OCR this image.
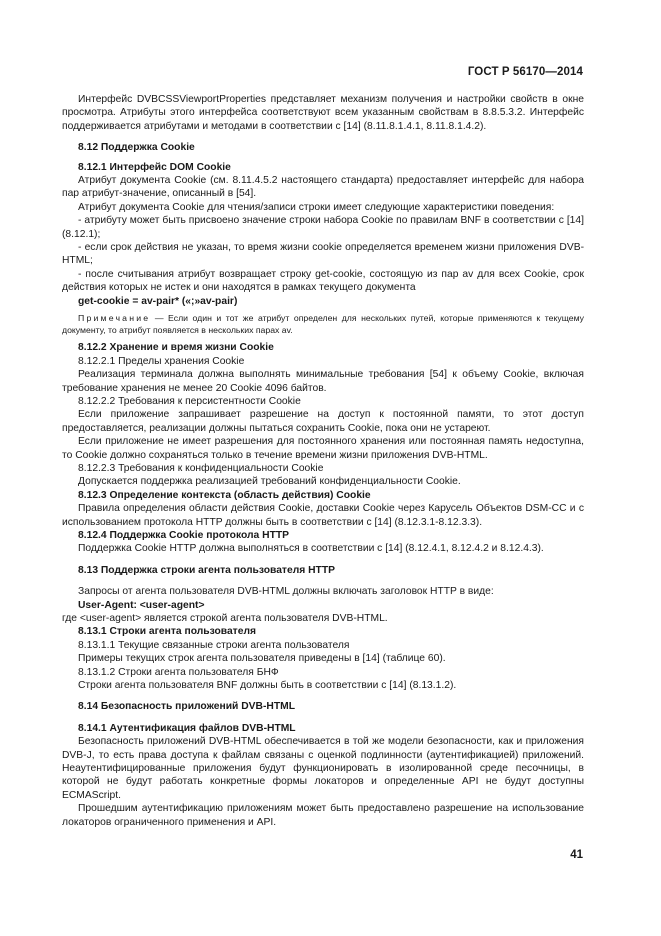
ГОСТ Р 56170—2014

Интерфейс DVBCSSViewportProperties представляет механизм получения и настройки свойств в окне просмотра. Атрибуты этого интерфейса соответствуют всем указанным свойствам в 8.8.5.3.2. Интерфейс поддерживается атрибутами и методами в соответствии с [14] (8.11.8.1.4.1, 8.11.8.1.4.2).

8.12 Поддержка Cookie

8.12.1 Интерфейс DOM Cookie

Атрибут документа Cookie (см. 8.11.4.5.2 настоящего стандарта) предоставляет интерфейс для набора пар атрибут-значение, описанный в [54].

Атрибут документа Cookie для чтения/записи строки имеет следующие характеристики поведения:

- атрибуту может быть присвоено значение строки набора Cookie по правилам BNF в соответствии с [14] (8.12.1);

- если срок действия не указан, то время жизни cookie определяется временем жизни приложения DVB-HTML;

- после считывания атрибут возвращает строку get-cookie, состоящую из пар av для всех Cookie, срок действия которых не истек и они находятся в рамках текущего документа

get-cookie = av-pair* («;»av-pair)

Примечание — Если один и тот же атрибут определен для нескольких путей, которые применяются к текущему документу, то атрибут появляется в нескольких парах av.

8.12.2 Хранение и время жизни Cookie

8.12.2.1 Пределы хранения Cookie

Реализация терминала должна выполнять минимальные требования [54] к объему Cookie, включая требование хранения не менее 20 Cookie 4096 байтов.

8.12.2.2 Требования к персистентности Cookie

Если приложение запрашивает разрешение на доступ к постоянной памяти, то этот доступ предоставляется, реализации должны пытаться сохранить Cookie, пока они не устареют.

Если приложение не имеет разрешения для постоянного хранения или постоянная память недоступна, то Cookie должно сохраняться только в течение времени жизни приложения DVB-HTML.

8.12.2.3 Требования к конфиденциальности Cookie

Допускается поддержка реализацией требований конфиденциальности Cookie.

8.12.3 Определение контекста (область действия) Cookie

Правила определения области действия Cookie, доставки Cookie через Карусель Объектов DSM-CC и с использованием протокола HTTP должны быть в соответствии с [14] (8.12.3.1-8.12.3.3).

8.12.4 Поддержка Cookie протокола HTTP

Поддержка Cookie HTTP должна выполняться в соответствии с [14] (8.12.4.1, 8.12.4.2 и 8.12.4.3).

8.13 Поддержка строки агента пользователя HTTP

Запросы от агента пользователя DVB-HTML должны включать заголовок HTTP в виде:

User-Agent: <user-agent>

где <user-agent> является строкой агента пользователя DVB-HTML.

8.13.1 Строки агента пользователя

8.13.1.1 Текущие связанные строки агента пользователя

Примеры текущих строк агента пользователя приведены в [14] (таблице 60).

8.13.1.2 Строки агента пользователя БНФ

Строки агента пользователя BNF должны быть в соответствии с [14] (8.13.1.2).

8.14 Безопасность приложений DVB-HTML

8.14.1 Аутентификация файлов DVB-HTML

Безопасность приложений DVB-HTML обеспечивается в той же модели безопасности, как и приложения DVB-J, то есть права доступа к файлам связаны с оценкой подлинности (аутентификацией) приложений. Неаутентифицированные приложения будут функционировать в изолированной среде песочницы, в которой не будут работать конкретные формы локаторов и определенные API не будут доступны ECMAScript.

Прошедшим аутентификацию приложениям может быть предоставлено разрешение на использование локаторов ограниченного применения и API.

41
